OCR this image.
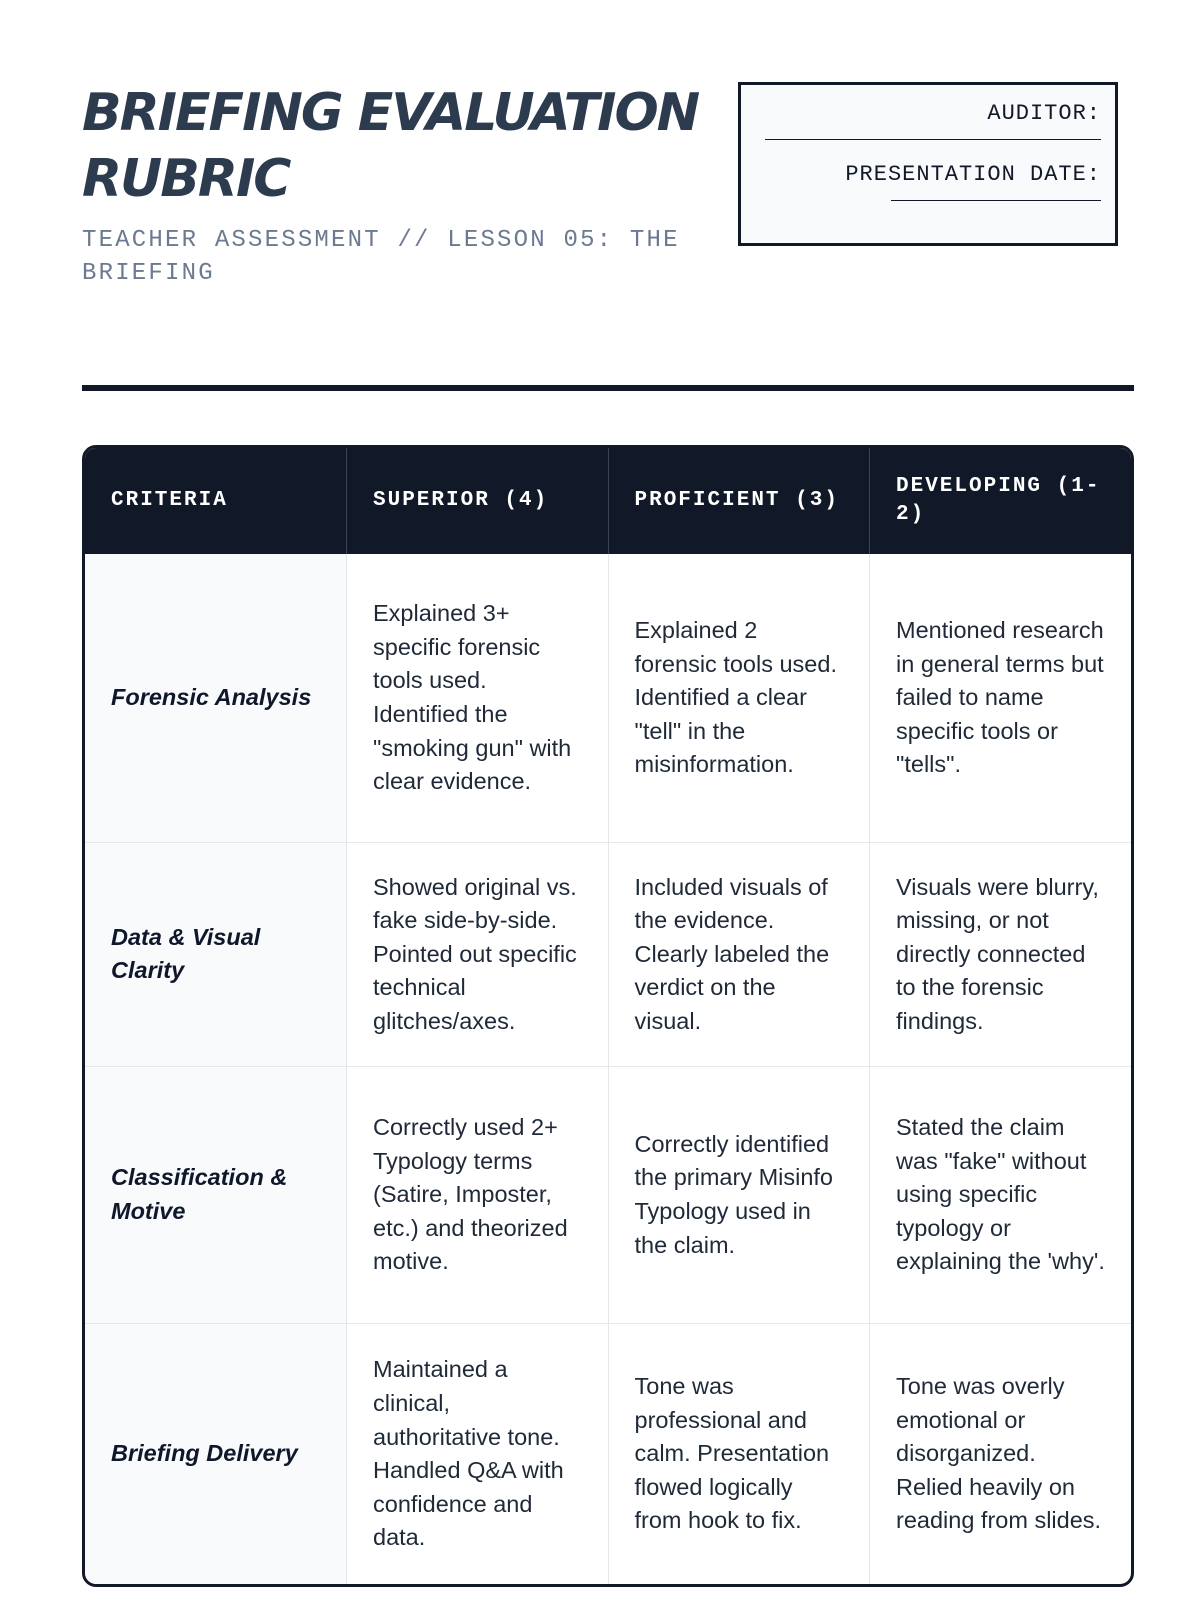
BRIEFING EVALUATION
RUBRIC
TEACHER ASSESSMENT // LESSON 05: THE BRIEFING
AUDITOR:
PRESENTATION DATE:
CRITERIA	SUPERIOR (4)	PROFICIENT (3)	DEVELOPING (1-2)
Forensic Analysis	Explained 3+ specific forensic tools used. Identified the "smoking gun" with clear evidence.	Explained 2 forensic tools used. Identified a clear "tell" in the misinformation.	Mentioned research in general terms but failed to name specific tools or "tells".
Data & Visual Clarity	Showed original vs. fake side-by-side. Pointed out specific technical glitches/axes.	Included visuals of the evidence. Clearly labeled the verdict on the visual.	Visuals were blurry, missing, or not directly connected to the forensic findings.
Classification & Motive	Correctly used 2+ Typology terms (Satire, Imposter, etc.) and theorized motive.	Correctly identified the primary Misinfo Typology used in the claim.	Stated the claim was "fake" without using specific typology or explaining the 'why'.
Briefing Delivery	Maintained a clinical, authoritative tone. Handled Q&A with confidence and data.	Tone was professional and calm. Presentation flowed logically from hook to fix.	Tone was overly emotional or disorganized. Relied heavily on reading from slides.
